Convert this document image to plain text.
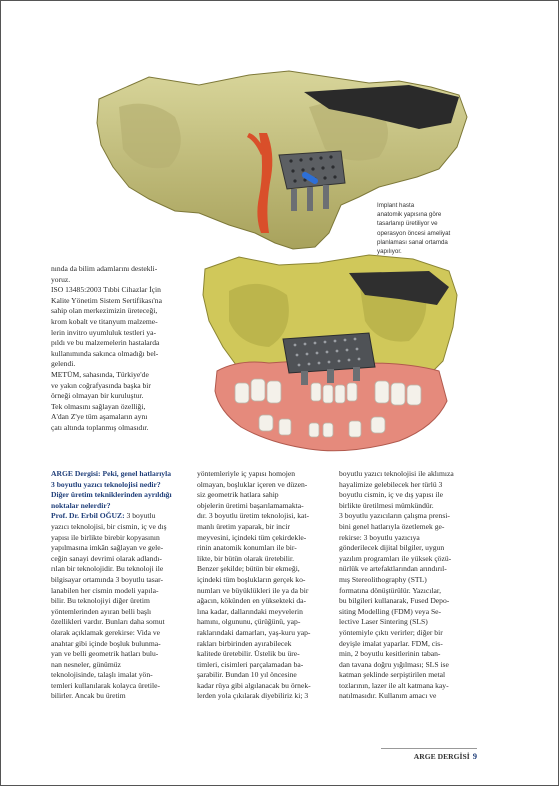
Implant hasta
anatomik yapısına göre
tasarlanıp üretiliyor ve
operasyon öncesi ameliyat
planlaması sanal ortamda
yapılıyor.
nında da bilim adamlarını destekli-
yoruz.
ISO 13485:2003 Tıbbi Cihazlar İçin
Kalite Yönetim Sistem Sertifikası'na
sahip olan merkezimizin üreteceği,
krom kobalt ve titanyum malzeme-
lerin invitro uyumluluk testleri ya-
pıldı ve bu malzemelerin hastalarda
kullanımında sakınca olmadığı bel-
gelendi.
METÜM, sahasında, Türkiye'de
ve yakın coğrafyasında başka bir
örneği olmayan bir kuruluştur.
Tek olmasını sağlayan özelliği,
A'dan Z'ye tüm aşamaların aynı
çatı altında toplanmış olmasıdır.
ARGE Dergisi: Peki, genel hatlarıyla
3 boyutlu yazıcı teknolojisi nedir?
Diğer üretim tekniklerinden ayrıldığı
noktalar nelerdir?
Prof. Dr. Erbil OĞUZ: 3 boyutlu
yazıcı teknolojisi, bir cismin, iç ve dış
yapısı ile birlikte birebir kopyasının
yapılmasına imkân sağlayan ve gele-
ceğin sanayi devrimi olarak adlandı-
rılan bir teknolojidir. Bu teknoloji ile
bilgisayar ortamında 3 boyutlu tasar-
lanabilen her cismin modeli yapıla-
bilir. Bu teknolojiyi diğer üretim
yöntemlerinden ayıran belli başlı
özellikleri vardır. Bunları daha somut
olarak açıklamak gerekirse: Vida ve
anahtar gibi içinde boşluk bulunma-
yan ve belli geometrik hatları bulu-
nan nesneler, günümüz
teknolojisinde, talaşlı imalat yön-
temleri kullanılarak kolayca üretile-
bilirler. Ancak bu üretim
yöntemleriyle iç yapısı homojen
olmayan, boşluklar içeren ve düzen-
siz geometrik hatlara sahip
objelerin üretimi başarılamamakta-
dır. 3 boyutlu üretim teknolojisi, kat-
manlı üretim yaparak, bir incir
meyvesini, içindeki tüm çekirdekle-
rinin anatomik konumları ile bir-
likte, bir bütün olarak üretebilir.
Benzer şekilde; bütün bir ekmeği,
içindeki tüm boşlukların gerçek ko-
numları ve büyüklükleri ile ya da bir
ağacın, kökünden en yüksekteki da-
lına kadar, dallarındaki meyvelerin
hamını, olgununu, çürüğünü, yap-
raklarındaki damarları, yaş-kuru yap-
rakları birbirinden ayırabilecek
kalitede üretebilir. Üstelik bu üre-
timleri, cisimleri parçalamadan ba-
şarabilir. Bundan 10 yıl öncesine
kadar rüya gibi algılanacak bu örnek-
lerden yola çıkılarak diyebiliriz ki; 3
boyutlu yazıcı teknolojisi ile aklımıza
hayalimize gelebilecek her türlü 3
boyutlu cismin, iç ve dış yapısı ile
birlikte üretilmesi mümkündür.
3 boyutlu yazıcıların çalışma prensi-
bini genel hatlarıyla özetlemek ge-
rekirse: 3 boyutlu yazıcıya
gönderilecek dijital bilgiler, uygun
yazılım programları ile yüksek çözü-
nürlük ve artefaktlarından arındırıl-
mış Stereolithography (STL)
formatına dönüştürülür. Yazıcılar,
bu bilgileri kullanarak, Fused Depo-
siting Modelling (FDM) veya Se-
lective Laser Sintering (SLS)
yöntemiyle çıktı verirler; diğer bir
deyişle imalat yaparlar. FDM, cis-
min, 2 boyutlu kesitlerinin taban-
dan tavana doğru yığılması; SLS ise
katman şeklinde serpiştirilen metal
tozlarının, lazer ile alt katmana kay-
natılmasıdır. Kullanım amacı ve
ARGE DERGİSİ 9
